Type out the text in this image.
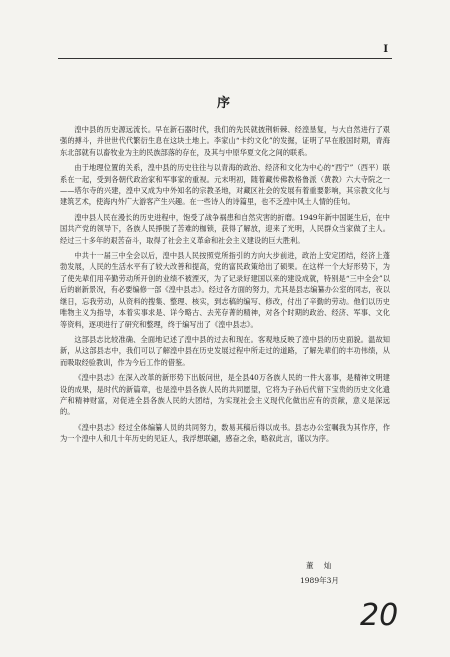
I
序

湟中县的历史源远流长。早在新石器时代，我们的先民就披荆斩棘、经湟垦复，与大自然进行了艰强的搏斗，并世世代代繁衍生息在这块土地上。李家山“卡约文化”的发掘，证明了早在殷国时期，青海东北部就有以畜牧业为主的民族部落的存在，及其与中原华夏文化之间的联系。

由于地理位置的关系，湟中县的历史往往与以青海的政治、经济和文化为中心的“西宁”（西平）联系在一起，受到各朝代政治家和军事家的重视。元末明初，随着藏传佛教格鲁派（黄教）六大寺院之一——塔尔寺的兴建，湟中又成为中外知名的宗教圣地，对藏区社会的发展有着重要影响，其宗教文化与建筑艺术，使海内外广大游客产生兴趣。在一些诗人的诗篇里，也不乏湟中风土人情的佳句。

湟中县人民在漫长的历史进程中，饱受了战争祸患和自然灾害的折磨。1949年新中国诞生后，在中国共产党的领导下，各族人民掙脱了苦难的枷锁，获得了解放，迎来了光明，人民群众当家做了主人。经过三十多年的艰苦奋斗，取得了社会主义革命和社会主义建设的巨大胜利。

中共十一届三中全会以后，湟中县人民按照党所指引的方向大步前进，政治上安定团结，经济上蓬勃发展，人民的生活水平有了较大改善和提高，党的富民政策给出了硕果。在这样一个大好形势下，为了使先辈们用辛勤劳动所开创的业绩不被湮灭，为了记录好建国以来的建设成就，特别是“三中全会”以后的崭新景况，有必要编修一部《湟中县志》。经过各方面的努力，尤其是县志编纂办公室的同志，夜以继日，忘我劳动，从资料的搜集、整理、核实，到志稿的编写、修改，付出了辛勤的劳动。他们以历史唯物主义为指导，本着实事求是、详今略古、去芜存菁的精神，对各个时期的政治、经济、军事、文化等资料，逐项进行了研究和整理，终于编写出了《湟中县志》。

这部县志比较准确、全面地记述了湟中县的过去和现在。客观地反映了湟中县的历史面貌。温故知新，从这部县志中，我们可以了解湟中县在历史发展过程中所走过的道路，了解先辈们的丰功伟绩，从而吸取经验教训，作为今后工作的借鉴。

《湟中县志》在深入改革的新形势下出版问世，是全县40万各族人民的一件大喜事，是精神文明建设的成果，是时代的新篇章，也是湟中县各族人民的共同愿望，它将为子孙后代留下宝贵的历史文化遗产和精神财富，对促进全县各族人民的大团结，为实现社会主义现代化做出应有的贡献，意义是深远的。

《湟中县志》经过全体编纂人员的共同努力，数易其稿后得以成书。县志办公室嘱我为其作序，作为一个湟中人和几十年历史的见证人，我浮想联翩，感奋之余，略叙此言，谨以为序。

董 灿
1989年3月
20
